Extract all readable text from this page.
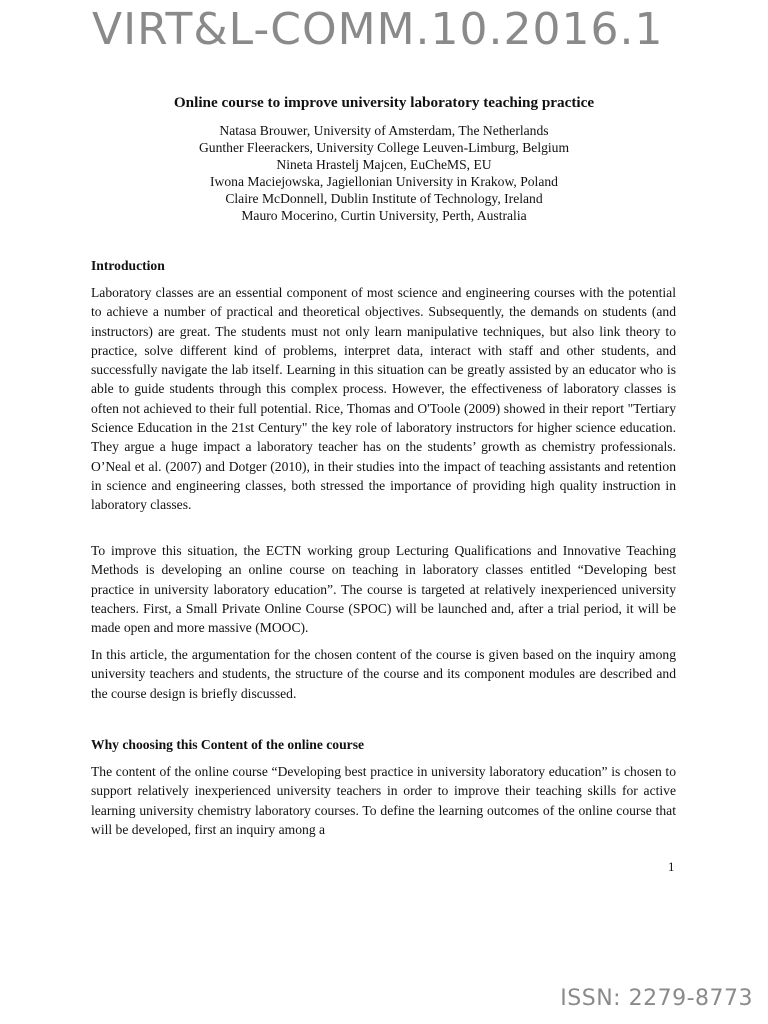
VIRT&L-COMM.10.2016.1
Online course to improve university laboratory teaching practice
Natasa Brouwer, University of Amsterdam, The Netherlands
Gunther Fleerackers, University College Leuven-Limburg, Belgium
Nineta Hrastelj Majcen, EuCheMS, EU
Iwona Maciejowska, Jagiellonian University in Krakow, Poland
Claire McDonnell, Dublin Institute of Technology, Ireland
Mauro Mocerino, Curtin University, Perth, Australia
Introduction
Laboratory classes are an essential component of most science and engineering courses with the potential to achieve a number of practical and theoretical objectives. Subsequently, the demands on students (and instructors) are great. The students must not only learn manipulative techniques, but also link theory to practice, solve different kind of problems, interpret data, interact with staff and other students, and successfully navigate the lab itself. Learning in this situation can be greatly assisted by an educator who is able to guide students through this complex process. However, the effectiveness of laboratory classes is often not achieved to their full potential. Rice, Thomas and O'Toole (2009) showed in their report "Tertiary Science Education in the 21st Century" the key role of laboratory instructors for higher science education. They argue a huge impact a laboratory teacher has on the students’ growth as chemistry professionals. O’Neal et al. (2007) and Dotger (2010), in their studies into the impact of teaching assistants and retention in science and engineering classes, both stressed the importance of providing high quality instruction in laboratory classes.
To improve this situation, the ECTN working group Lecturing Qualifications and Innovative Teaching Methods is developing an online course on teaching in laboratory classes entitled “Developing best practice in university laboratory education”. The course is targeted at relatively inexperienced university teachers. First, a Small Private Online Course (SPOC) will be launched and, after a trial period, it will be made open and more massive (MOOC).
In this article, the argumentation for the chosen content of the course is given based on the inquiry among university teachers and students, the structure of the course and its component modules are described and the course design is briefly discussed.
Why choosing this Content of the online course
The content of the online course “Developing best practice in university laboratory education” is chosen to support relatively inexperienced university teachers in order to improve their teaching skills for active learning university chemistry laboratory courses. To define the learning outcomes of the online course that will be developed, first an inquiry among a
1
ISSN: 2279-8773
